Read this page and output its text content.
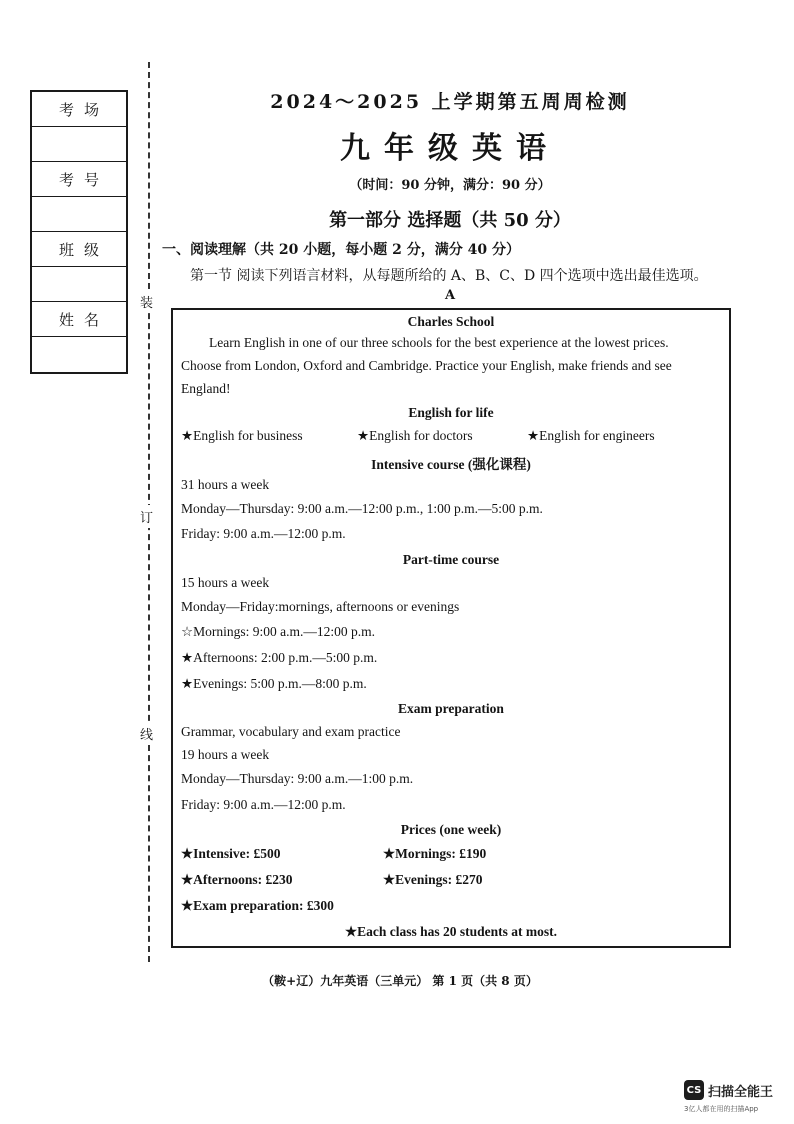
考场
考号
班级
姓名
装
订
线
2024～2025 上学期第五周周检测
九年级英语
（时间：90 分钟，满分：90 分）
第一部分 选择题（共 50 分）
一、阅读理解（共 20 小题，每小题 2 分，满分 40 分）
第一节 阅读下列语言材料，从每题所给的 A、B、C、D 四个选项中选出最佳选项。
A
Charles School
Learn English in one of our three schools for the best experience at the lowest prices.
Choose from London, Oxford and Cambridge. Practice your English, make friends and see
England!
English for life
★English for business	★English for doctors	★English for engineers
Intensive course (强化课程)
31 hours a week
Monday—Thursday: 9:00 a.m.—12:00 p.m., 1:00 p.m.—5:00 p.m.
Friday: 9:00 a.m.—12:00 p.m.
Part-time course
15 hours a week
Monday—Friday:mornings, afternoons or evenings
☆Mornings: 9:00 a.m.—12:00 p.m.
★Afternoons: 2:00 p.m.—5:00 p.m.
★Evenings: 5:00 p.m.—8:00 p.m.
Exam preparation
Grammar, vocabulary and exam practice
19 hours a week
Monday—Thursday: 9:00 a.m.—1:00 p.m.
Friday: 9:00 a.m.—12:00 p.m.
Prices (one week)
★Intensive: £500	★Mornings: £190
★Afternoons: £230	★Evenings: £270
★Exam preparation: £300
★Each class has 20 students at most.
（鞍+辽）九年英语（三单元） 第 1 页（共 8 页）
CS 扫描全能王
3亿人都在用的扫描App
